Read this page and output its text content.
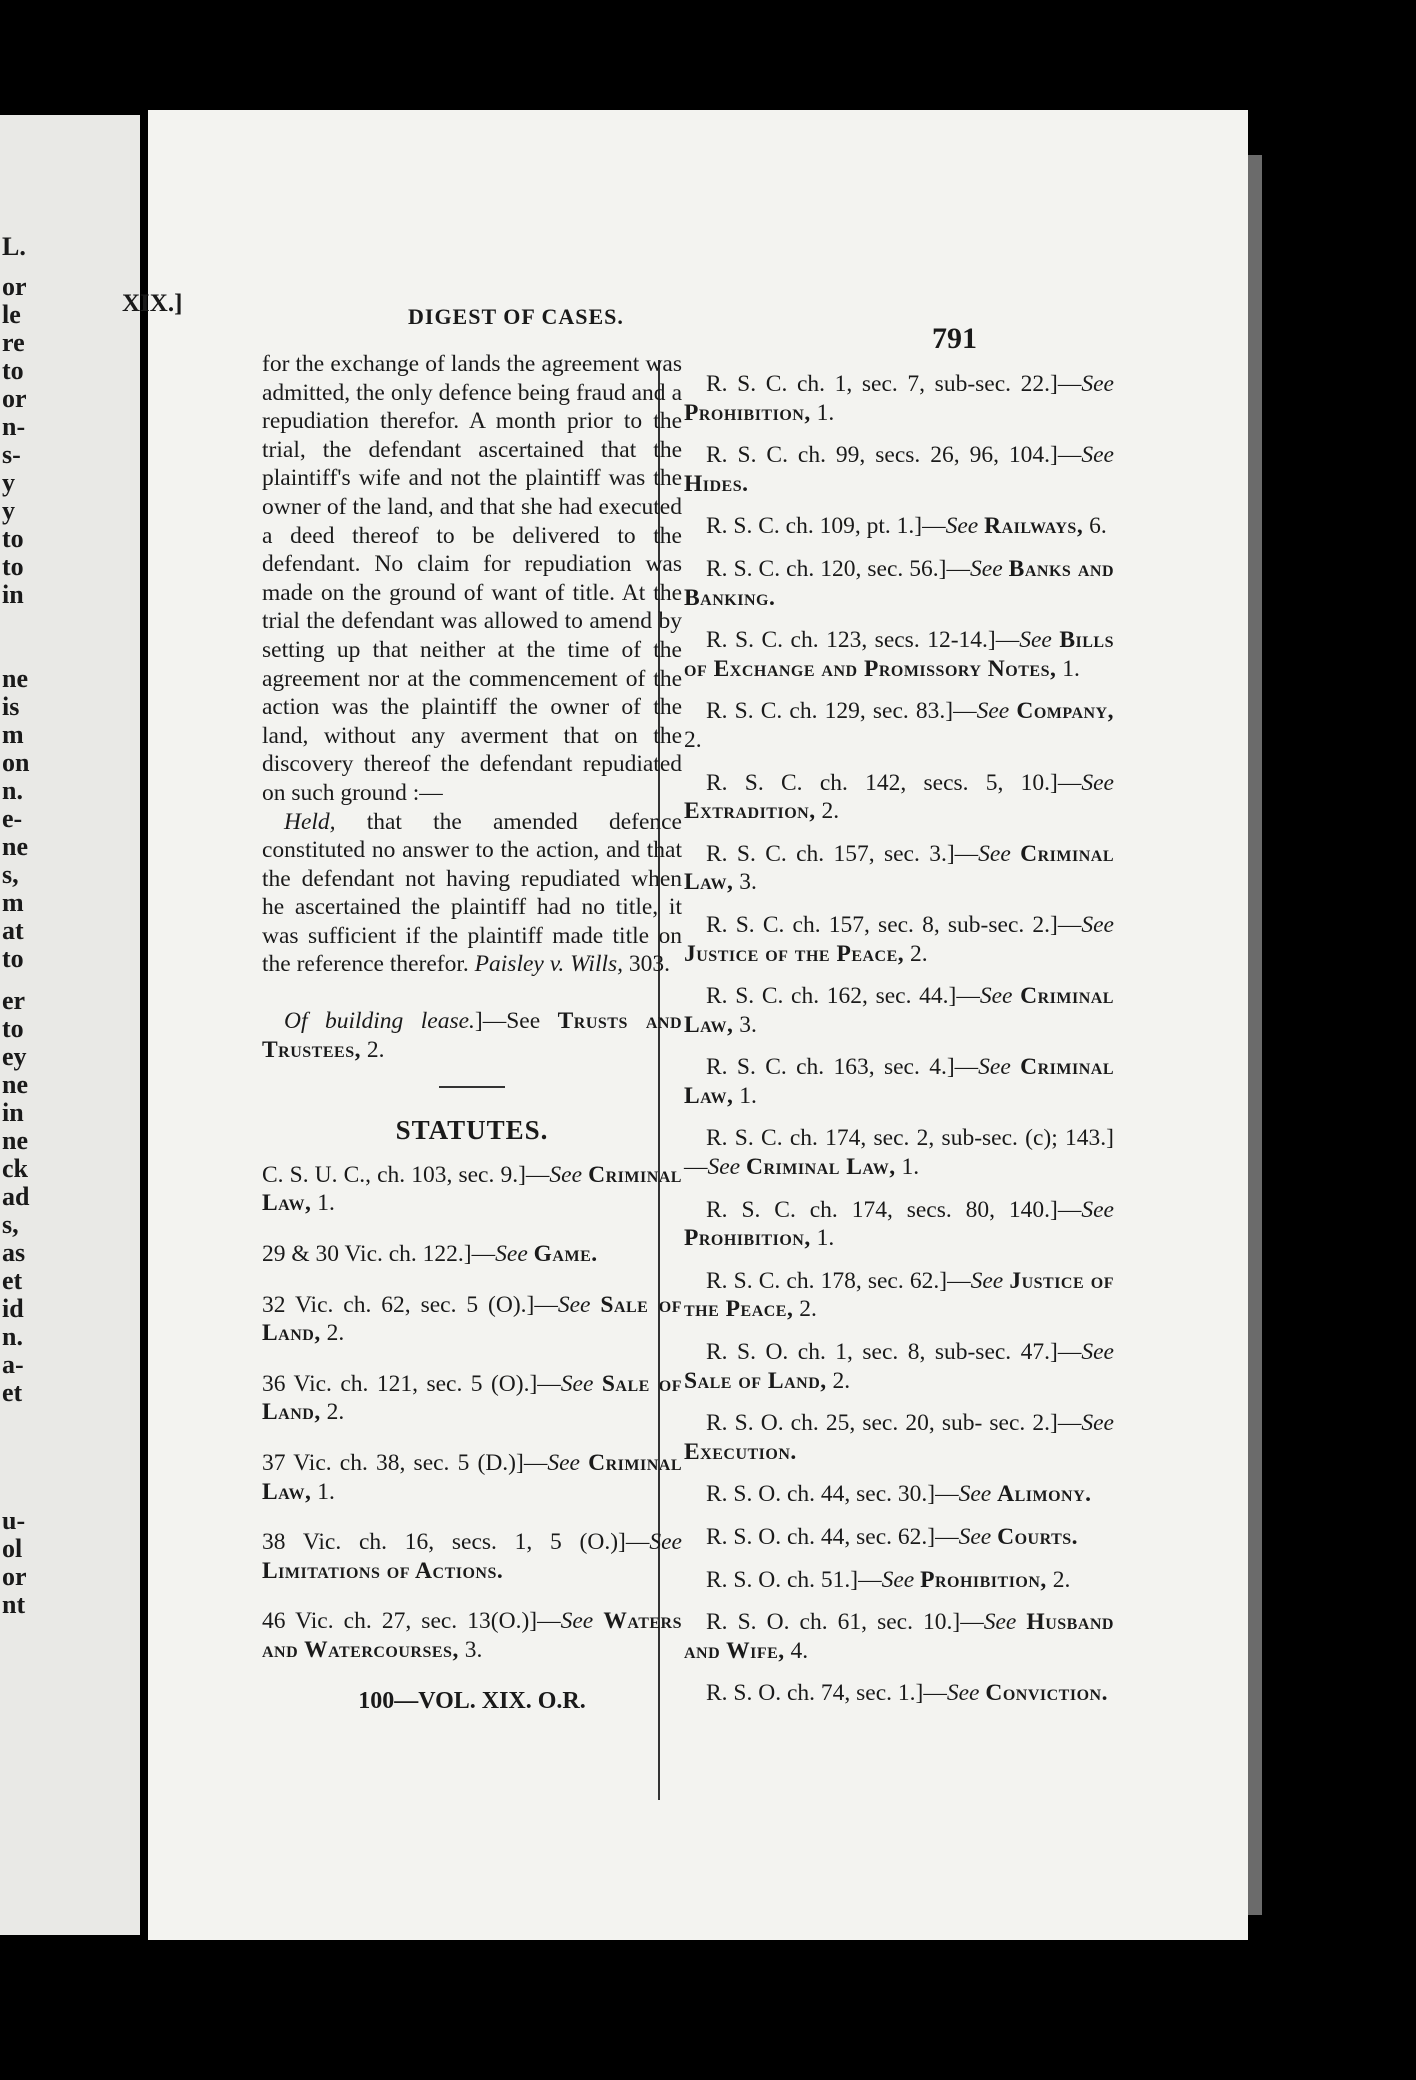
L.
or
le
re
to
or
n-
s-
y
y
to
to
in
ne
is
m
on
n.
e-
ne
s,
m
at
to
er
to
ey
ne
in
ne
ck
ad
s,
as
et
id
n.
a-
et
u-
ol
or
nt
XIX.]	DIGEST OF CASES.
791

for the exchange of lands the agreement was admitted, the only defence being fraud and a repudiation therefor. A month prior to the trial, the defendant ascertained that the plaintiff's wife and not the plaintiff was the owner of the land, and that she had executed a deed thereof to be delivered to the defendant. No claim for repudiation was made on the ground of want of title. At the trial the defendant was allowed to amend by setting up that neither at the time of the agreement nor at the commencement of the action was the plaintiff the owner of the land, without any averment that on the discovery thereof the defendant repudiated on such ground :—

Held, that the amended defence constituted no answer to the action, and that the defendant not having repudiated when he ascertained the plaintiff had no title, it was sufficient if the plaintiff made title on the reference therefor. Paisley v. Wills, 303.

Of building lease.]—See Trusts and Trustees, 2.

STATUTES.

C. S. U. C., ch. 103, sec. 9.]—See Criminal Law, 1.

29 & 30 Vic. ch. 122.]—See Game.

32 Vic. ch. 62, sec. 5 (O).]—See Sale of Land, 2.

36 Vic. ch. 121, sec. 5 (O).]—See Sale of Land, 2.

37 Vic. ch. 38, sec. 5 (D.)]—See Criminal Law, 1.

38 Vic. ch. 16, secs. 1, 5 (O.)]—See Limitations of Actions.

46 Vic. ch. 27, sec. 13(O.)]—See Waters and Watercourses, 3.

100—VOL. XIX. O.R.

R. S. C. ch. 1, sec. 7, sub-sec. 22.]—See Prohibition, 1.

R. S. C. ch. 99, secs. 26, 96, 104.]—See Hides.

R. S. C. ch. 109, pt. 1.]—See Railways, 6.

R. S. C. ch. 120, sec. 56.]—See Banks and Banking.

R. S. C. ch. 123, secs. 12-14.]—See Bills of Exchange and Promissory Notes, 1.

R. S. C. ch. 129, sec. 83.]—See Company, 2.

R. S. C. ch. 142, secs. 5, 10.]—See Extradition, 2.

R. S. C. ch. 157, sec. 3.]—See Criminal Law, 3.

R. S. C. ch. 157, sec. 8, sub-sec. 2.]—See Justice of the Peace, 2.

R. S. C. ch. 162, sec. 44.]—See Criminal Law, 3.

R. S. C. ch. 163, sec. 4.]—See Criminal Law, 1.

R. S. C. ch. 174, sec. 2, sub-sec. (c); 143.]—See Criminal Law, 1.

R. S. C. ch. 174, secs. 80, 140.]—See Prohibition, 1.

R. S. C. ch. 178, sec. 62.]—See Justice of the Peace, 2.

R. S. O. ch. 1, sec. 8, sub-sec. 47.]—See Sale of Land, 2.

R. S. O. ch. 25, sec. 20, sub- sec. 2.]—See Execution.

R. S. O. ch. 44, sec. 30.]—See Alimony.

R. S. O. ch. 44, sec. 62.]—See Courts.

R. S. O. ch. 51.]—See Prohibition, 2.

R. S. O. ch. 61, sec. 10.]—See Husband and Wife, 4.

R. S. O. ch. 74, sec. 1.]—See Conviction.
